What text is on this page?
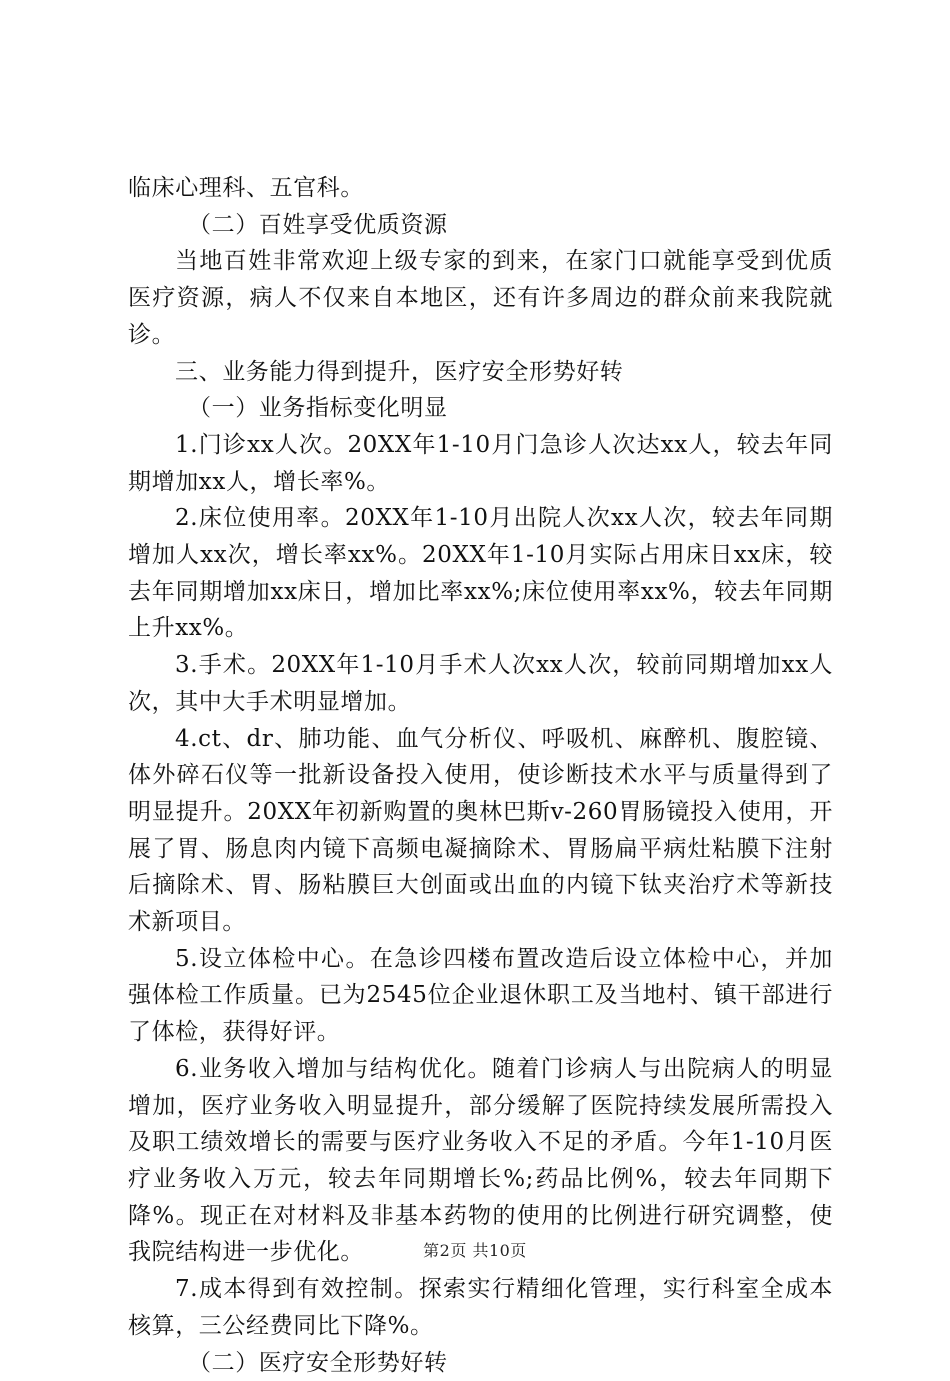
临床心理科、五官科。

（二）百姓享受优质资源

当地百姓非常欢迎上级专家的到来，在家门口就能享受到优质医疗资源，病人不仅来自本地区，还有许多周边的群众前来我院就诊。

三、业务能力得到提升，医疗安全形势好转

（一）业务指标变化明显

1.门诊xx人次。20XX年1-10月门急诊人次达xx人，较去年同期增加xx人，增长率%。

2.床位使用率。20XX年1-10月出院人次xx人次，较去年同期增加人xx次，增长率xx%。20XX年1-10月实际占用床日xx床，较去年同期增加xx床日，增加比率xx%;床位使用率xx%，较去年同期上升xx%。

3.手术。20XX年1-10月手术人次xx人次，较前同期增加xx人次，其中大手术明显增加。

4.ct、dr、肺功能、血气分析仪、呼吸机、麻醉机、腹腔镜、体外碎石仪等一批新设备投入使用，使诊断技术水平与质量得到了明显提升。20XX年初新购置的奥林巴斯v-260胃肠镜投入使用，开展了胃、肠息肉内镜下高频电凝摘除术、胃肠扁平病灶粘膜下注射后摘除术、胃、肠粘膜巨大创面或出血的内镜下钛夹治疗术等新技术新项目。

5.设立体检中心。在急诊四楼布置改造后设立体检中心，并加强体检工作质量。已为2545位企业退休职工及当地村、镇干部进行了体检，获得好评。

6.业务收入增加与结构优化。随着门诊病人与出院病人的明显增加，医疗业务收入明显提升，部分缓解了医院持续发展所需投入及职工绩效增长的需要与医疗业务收入不足的矛盾。今年1-10月医疗业务收入万元，较去年同期增长%;药品比例%，较去年同期下降%。现正在对材料及非基本药物的使用的比例进行研究调整，使我院结构进一步优化。

7.成本得到有效控制。探索实行精细化管理，实行科室全成本核算，三公经费同比下降%。

（二）医疗安全形势好转

第2页 共10页
